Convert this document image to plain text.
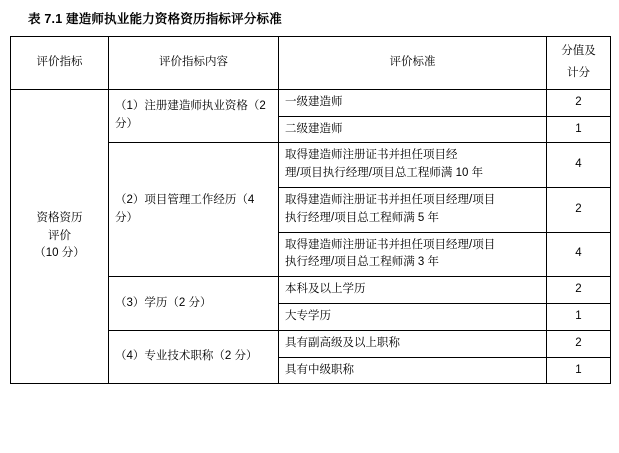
表 7.1 建造师执业能力资格资历指标评分标准
评价指标	评价指标内容	评价标准	分值及
计分

资格资历
评价
（10 分）	（1）注册建造师执业资格（2 分）	一级建造师	2
		二级建造师	1
	（2）项目管理工作经历（4 分）	取得建造师注册证书并担任项目经
理/项目执行经理/项目总工程师满 10 年	4

		取得建造师注册证书并担任项目经理/项目
执行经理/项目总工程师满 5 年	2

		取得建造师注册证书并担任项目经理/项目
执行经理/项目总工程师满 3 年	4
	（3）学历（2 分）	本科及以上学历	2
		大专学历	1
	（4）专业技术职称（2 分）	具有副高级及以上职称	2
		具有中级职称	1
